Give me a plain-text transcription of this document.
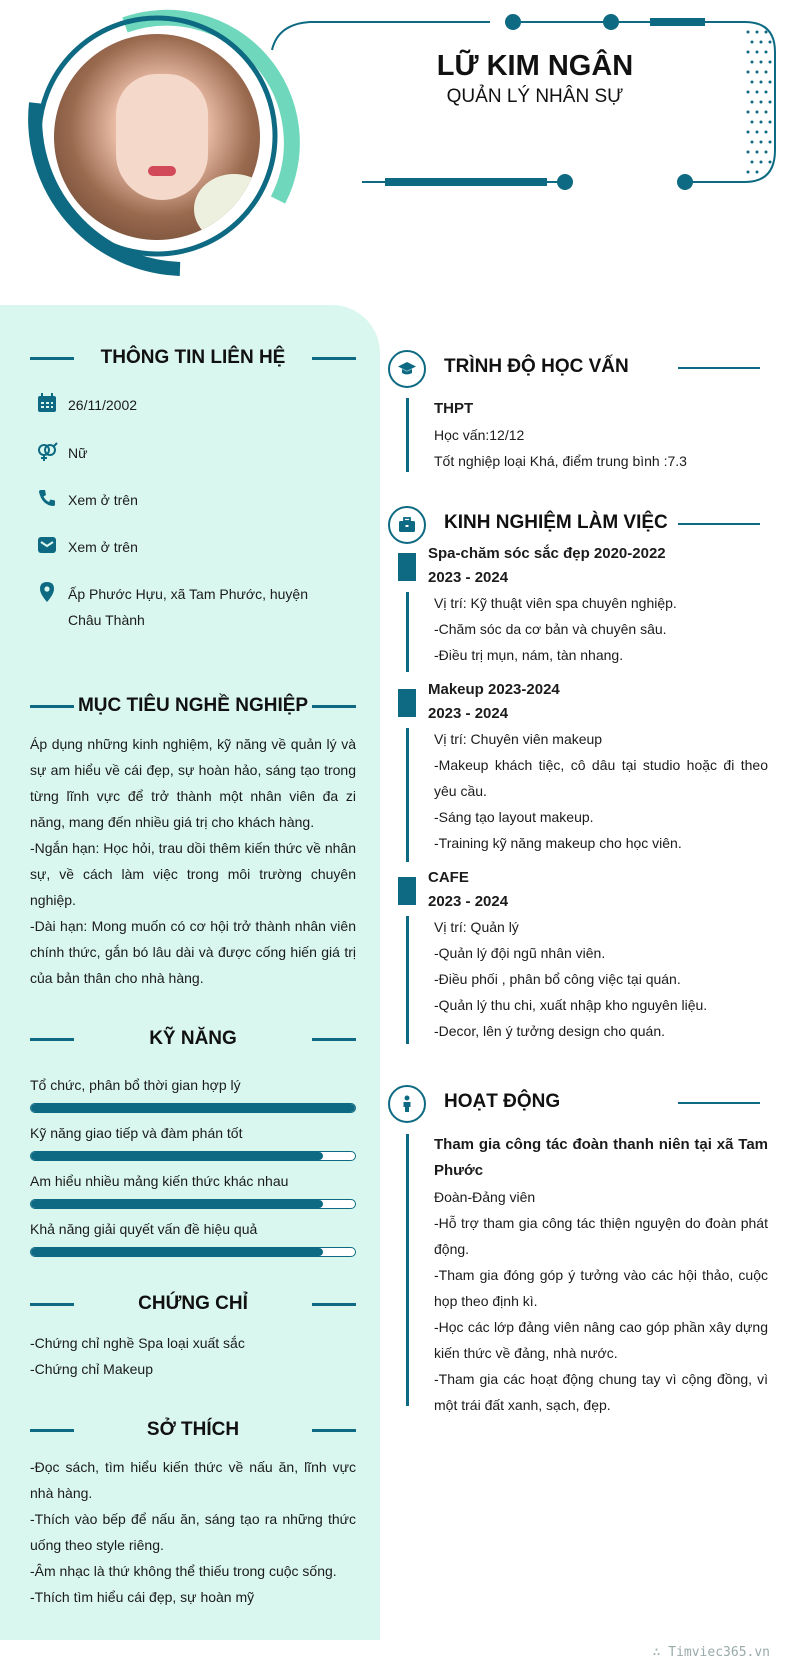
LỮ KIM NGÂN
QUẢN LÝ NHÂN SỰ
THÔNG TIN LIÊN HỆ
26/11/2002
Nữ
Xem ở trên
Xem ở trên
Ấp Phước Hựu, xã Tam Phước, huyện Châu Thành
MỤC TIÊU NGHỀ NGHIỆP
Áp dụng những kinh nghiệm, kỹ năng về quản lý và sự am hiểu về cái đẹp, sự hoàn hảo, sáng tạo trong từng lĩnh vực để trở thành một nhân viên đa zi năng, mang đến nhiều giá trị cho khách hàng.
-Ngắn hạn: Học hỏi, trau dồi thêm kiến thức về nhân sự, về cách làm việc trong môi trường chuyên nghiệp.
-Dài hạn: Mong muốn có cơ hội trở thành nhân viên chính thức, gắn bó lâu dài và được cống hiến giá trị của bản thân cho nhà hàng.
KỸ NĂNG
Tổ chức, phân bổ thời gian hợp lý
Kỹ năng giao tiếp và đàm phán tốt
Am hiểu nhiều mảng kiến thức khác nhau
Khả năng giải quyết vấn đề hiệu quả
CHỨNG CHỈ
-Chứng chỉ nghề Spa loại xuất sắc
-Chứng chỉ Makeup
SỞ THÍCH
-Đọc sách, tìm hiểu kiến thức về nấu ăn, lĩnh vực nhà hàng.
-Thích vào bếp để nấu ăn, sáng tạo ra những thức uống theo style riêng.
-Âm nhạc là thứ không thể thiếu trong cuộc sống.
-Thích tìm hiểu cái đẹp, sự hoàn mỹ
TRÌNH ĐỘ HỌC VẤN
THPT
Học vấn:12/12
Tốt nghiệp loại Khá, điểm trung bình :7.3
KINH NGHIỆM LÀM VIỆC
Spa-chăm sóc sắc đẹp 2020-2022
2023 - 2024
Vị trí: Kỹ thuật viên spa chuyên nghiệp.
-Chăm sóc da cơ bản và chuyên sâu.
-Điều trị mụn, nám, tàn nhang.
Makeup 2023-2024
2023 - 2024
Vị trí: Chuyên viên makeup
-Makeup khách tiệc, cô dâu tại studio hoặc đi theo yêu cầu.
-Sáng tạo layout makeup.
-Training kỹ năng makeup cho học viên.
CAFE
2023 - 2024
Vị trí: Quản lý
-Quản lý đội ngũ nhân viên.
-Điều phối , phân bổ công việc tại quán.
-Quản lý thu chi, xuất nhập kho nguyên liệu.
-Decor, lên ý tưởng design cho quán.
HOẠT ĐỘNG
Tham gia công tác đoàn thanh niên tại xã Tam Phước
Đoàn-Đảng viên
-Hỗ trợ tham gia công tác thiện nguyện do đoàn phát động.
-Tham gia đóng góp ý tưởng vào các hội thảo, cuộc họp theo định kì.
-Học các lớp đảng viên nâng cao góp phần xây dựng kiến thức về đảng, nhà nước.
-Tham gia các hoạt động chung tay vì cộng đồng, vì một trái đất xanh, sạch, đẹp.
∴ Timviec365.vn
